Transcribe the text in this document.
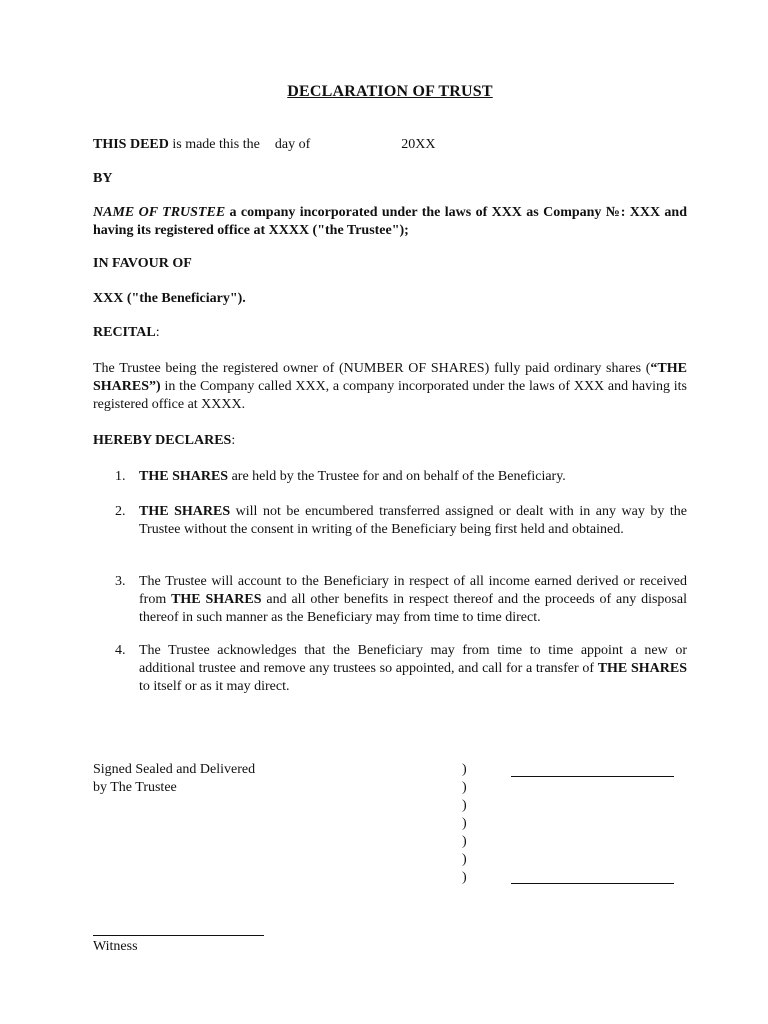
DECLARATION OF TRUST
THIS DEED is made this the day of	20XX
BY
NAME OF TRUSTEE a company incorporated under the laws of XXX as Company №: XXX and having its registered office at XXXX ("the Trustee");
IN FAVOUR OF
XXX ("the Beneficiary").
RECITAL:
The Trustee being the registered owner of (NUMBER OF SHARES) fully paid ordinary shares (“THE SHARES”) in the Company called XXX, a company incorporated under the laws of XXX and having its registered office at XXXX.
HEREBY DECLARES:
1. THE SHARES are held by the Trustee for and on behalf of the Beneficiary.
2. THE SHARES will not be encumbered transferred assigned or dealt with in any way by the Trustee without the consent in writing of the Beneficiary being first held and obtained.
3. The Trustee will account to the Beneficiary in respect of all income earned derived or received from THE SHARES and all other benefits in respect thereof and the proceeds of any disposal thereof in such manner as the Beneficiary may from time to time direct.
4. The Trustee acknowledges that the Beneficiary may from time to time appoint a new or additional trustee and remove any trustees so appointed, and call for a transfer of THE SHARES to itself or as it may direct.
Signed Sealed and Delivered
by The Trustee
)
)
)
)
)
)
)
Witness
